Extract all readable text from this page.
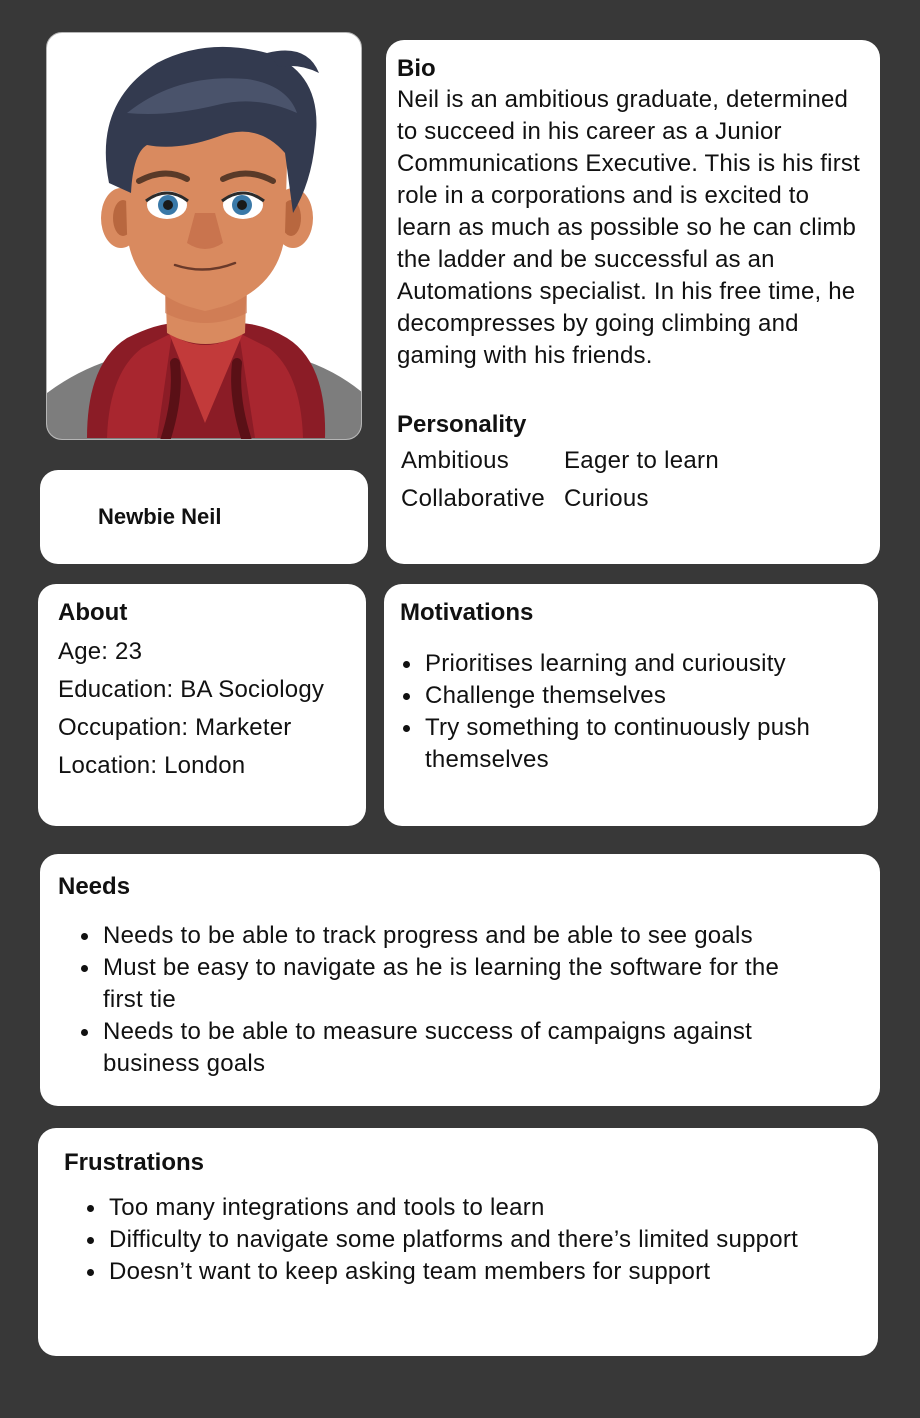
Newbie Neil
Bio

Neil is an ambitious graduate, determined to succeed in his career as a Junior Communications Executive. This is his first role in a corporations and is excited to learn as much as possible so he can climb the ladder and be successful as an Automations specialist. In his free time, he decompresses by going climbing and gaming with his friends.

Personality
Ambitious	Eager to learn
Collaborative Curious
About
Age: 23
Education: BA Sociology
Occupation: Marketer
Location: London
Motivations
Prioritises learning and curiousity
Challenge themselves
Try something to continuously push themselves
Needs
Needs to be able to track progress and be able to see goals
Must be easy to navigate as he is learning the software for the first tie
Needs to be able to measure success of campaigns against business goals
Frustrations
Too many integrations and tools to learn
Difficulty to navigate some platforms and there’s limited support
Doesn’t want to keep asking team members for support
